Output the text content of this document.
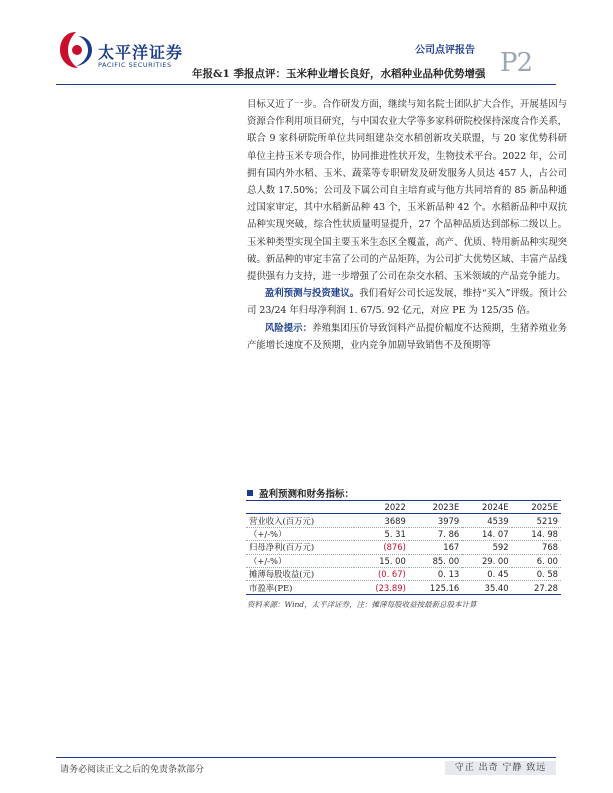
太平洋证券
PACIFIC SECURITIES
公司点评报告
年报&1 季报点评：玉米种业增长良好，水稻种业品种优势增强 P2

目标又近了一步。合作研发方面，继续与知名院士团队扩大合作，开展基因与资源合作利用项目研究，与中国农业大学等多家科研院校保持深度合作关系，联合 9 家科研院所单位共同组建杂交水稻创新攻关联盟，与 20 家优势科研单位主持玉米专项合作，协同推进性状开发，生物技术平台。2022 年，公司拥有国内外水稻、玉米、蔬菜等专职研发及研发服务人员达 457 人，占公司总人数 17.50%；公司及下属公司自主培育或与他方共同培育的 85 新品种通过国家审定，其中水稻新品种 43 个，玉米新品种 42 个。水稻新品种中双抗品种实现突破，综合性状质量明显提升，27 个品种品质达到部标二级以上。玉米种类型实现全国主要玉米生态区全覆盖，高产、优质、特用新品种实现突破。新品种的审定丰富了公司的产品矩阵，为公司扩大优势区域、丰富产品线提供强有力支持，进一步增强了公司在杂交水稻、玉米领域的产品竞争能力。

盈利预测与投资建议。我们看好公司长远发展，维持“买入”评级。预计公司 23/24 年归母净利润 1. 67/5. 92 亿元，对应 PE 为 125/35 倍。

风险提示：养殖集团压价导致饲料产品提价幅度不达预期，生猪养殖业务产能增长速度不及预期，业内竞争加剧导致销售不及预期等

盈利预测和财务指标：
	2022	2023E	2024E	2025E
营业收入(百万元)	3689	3979	4539	5219
（+/-%）	5. 31	7. 86	14. 07	14. 98
归母净利(百万元)	(876)	167	592	768
（+/-%）	15. 00	85. 00	29. 00	6. 00
摊薄每股收益(元)	(0. 67)	0. 13	0. 45	0. 58
市盈率(PE)	(23.89)	125.16	35.40	27.28
资料来源：Wind，太平洋证券，注：摊薄每股收益按最新总股本计算
请务必阅读正文之后的免责条款部分	守正 出奇 宁静 致远
